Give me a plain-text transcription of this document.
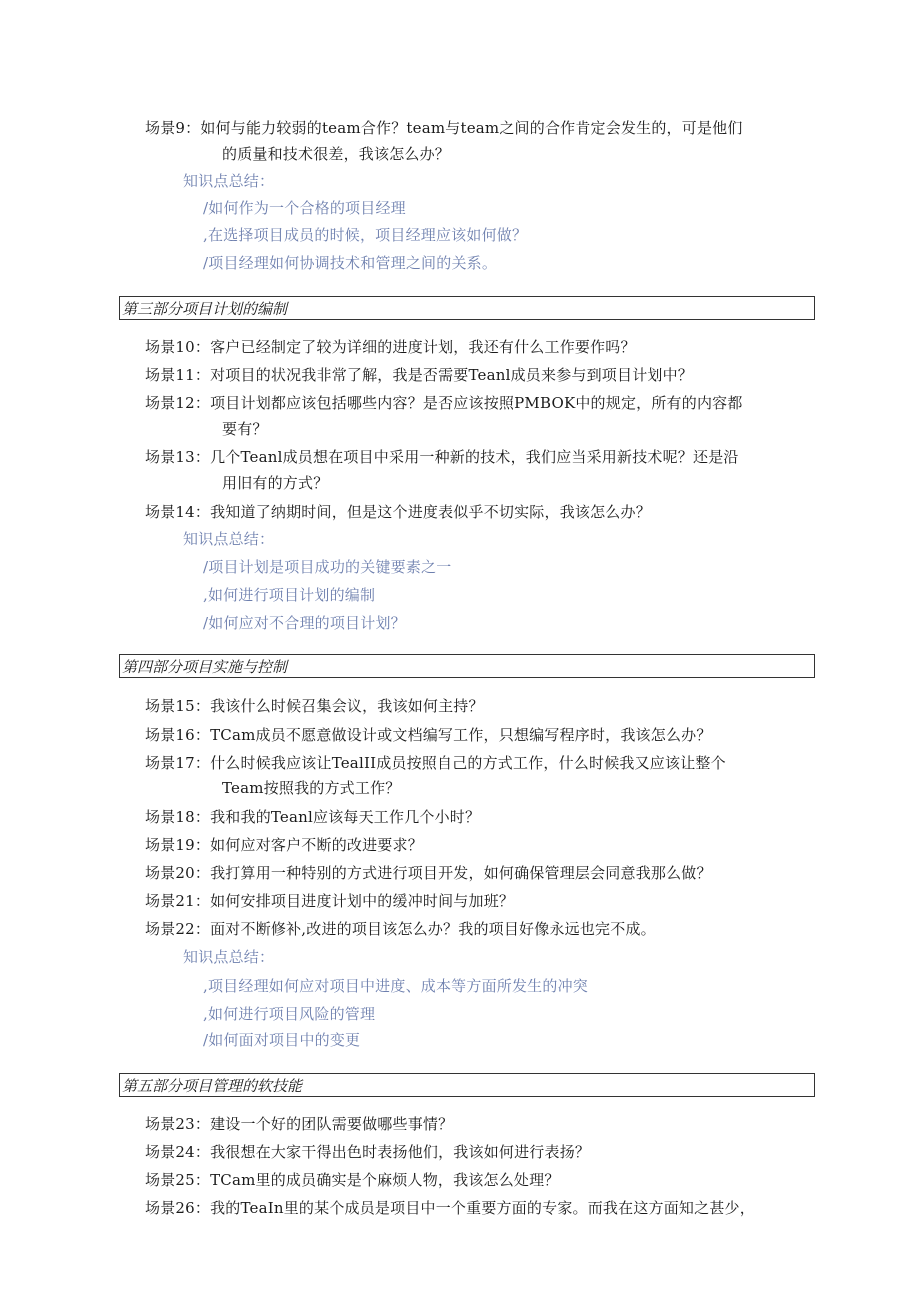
场景9：如何与能力较弱的team合作？team与team之间的合作肯定会发生的，可是他们
的质量和技术很差，我该怎么办？
知识点总结：
/如何作为一个合格的项目经理
,在选择项目成员的时候，项目经理应该如何做？
/项目经理如何协调技术和管理之间的关系。
第三部分项目计划的编制
场景10：客户已经制定了较为详细的进度计划，我还有什么工作要作吗？
场景11：对项目的状况我非常了解，我是否需要Teanl成员来参与到项目计划中？
场景12：项目计划都应该包括哪些内容？是否应该按照PMBOK中的规定，所有的内容都
要有？
场景13：几个Teanl成员想在项目中采用一种新的技术，我们应当采用新技术呢？还是沿
用旧有的方式？
场景14：我知道了纳期时间，但是这个进度表似乎不切实际，我该怎么办？
知识点总结：
/项目计划是项目成功的关键要素之一
,如何进行项目计划的编制
/如何应对不合理的项目计划？
第四部分项目实施与控制
场景15：我该什么时候召集会议，我该如何主持？
场景16：TCam成员不愿意做设计或文档编写工作，只想编写程序时，我该怎么办？
场景17：什么时候我应该让TealII成员按照自己的方式工作，什么时候我又应该让整个
Team按照我的方式工作？
场景18：我和我的Teanl应该每天工作几个小时？
场景19：如何应对客户不断的改进要求？
场景20：我打算用一种特别的方式进行项目开发，如何确保管理层会同意我那么做？
场景21：如何安排项目进度计划中的缓冲时间与加班？
场景22：面对不断修补,改进的项目该怎么办？我的项目好像永远也完不成。
知识点总结：
,项目经理如何应对项目中进度、成本等方面所发生的冲突
,如何进行项目风险的管理
/如何面对项目中的变更
第五部分项目管理的软技能
场景23：建设一个好的团队需要做哪些事情？
场景24：我很想在大家干得出色时表扬他们，我该如何进行表扬？
场景25：TCam里的成员确实是个麻烦人物，我该怎么处理？
场景26：我的TeaIn里的某个成员是项目中一个重要方面的专家。而我在这方面知之甚少，
